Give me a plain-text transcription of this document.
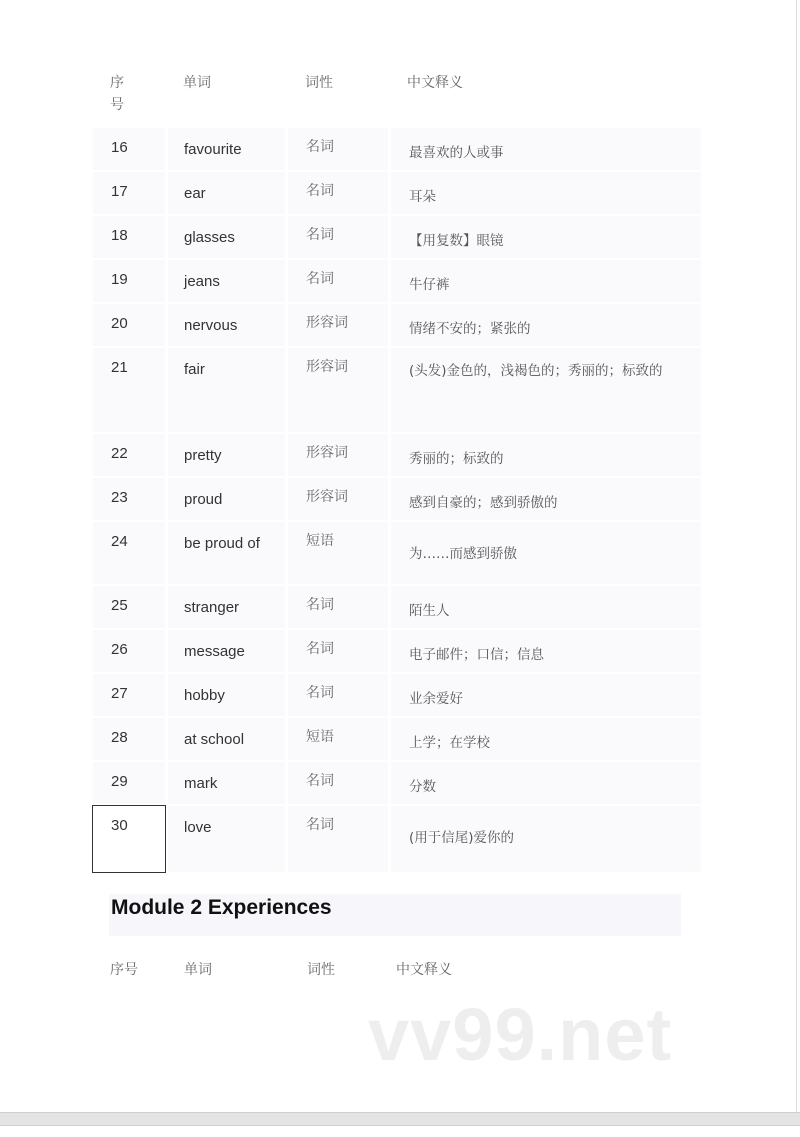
序
号
单词	词性	中文释义
16	favourite	名词	最喜欢的人或事
17	ear	名词	耳朵
18	glasses	名词	【用复数】眼镜
19	jeans	名词	牛仔裤
20	nervous	形容词	情绪不安的；紧张的
21	fair	形容词	(头发)金色的，浅褐色的；秀丽的；标致的
22	pretty	形容词	秀丽的；标致的
23	proud	形容词	感到自豪的；感到骄傲的
24	be proud of	短语	为……而感到骄傲
25	stranger	名词	陌生人
26	message	名词	电子邮件；口信；信息
27	hobby	名词	业余爱好
28	at school	短语	上学；在学校
29	mark	名词	分数
30	love	名词	(用于信尾)爱你的
Module 2 Experiences
序号	单词	词性	中文释义
vv99.net
